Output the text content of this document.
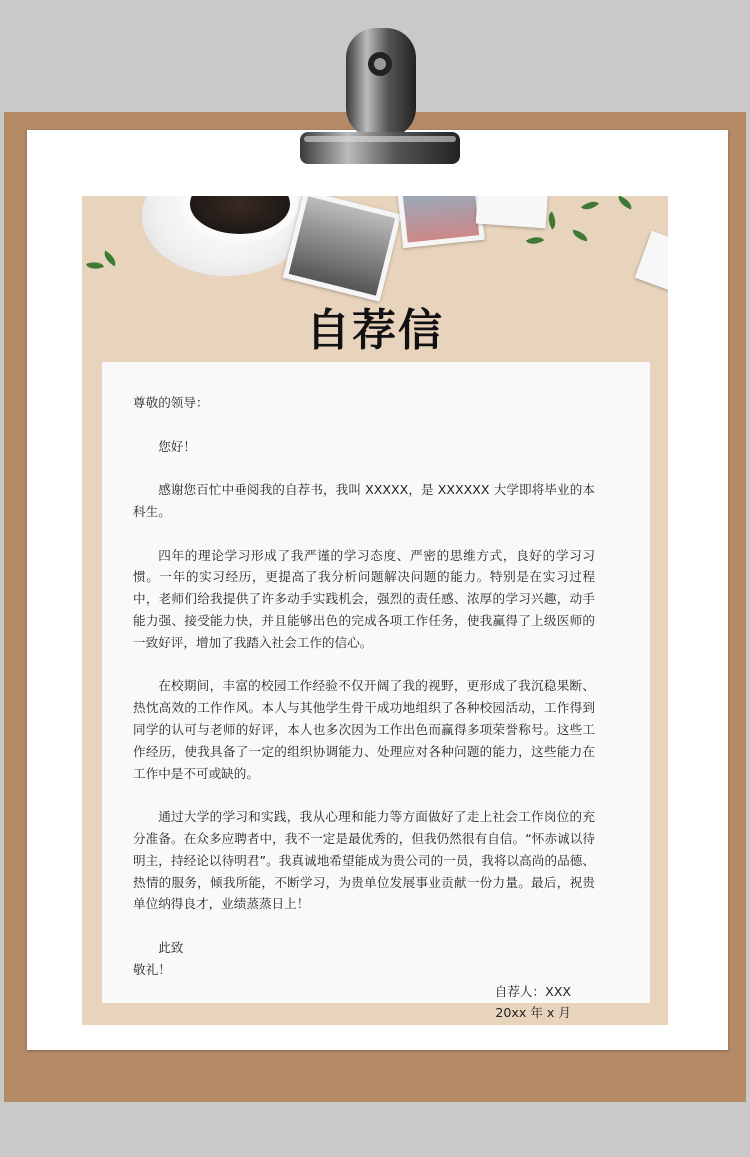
自荐信

尊敬的领导：

您好！

感谢您百忙中垂阅我的自荐书，我叫 XXXXX，是 XXXXXX 大学即将毕业的本科生。

四年的理论学习形成了我严谨的学习态度、严密的思维方式，良好的学习习惯。一年的实习经历，更提高了我分析问题解决问题的能力。特别是在实习过程中，老师们给我提供了许多动手实践机会，强烈的责任感、浓厚的学习兴趣，动手能力强、接受能力快，并且能够出色的完成各项工作任务，使我赢得了上级医师的一致好评，增加了我踏入社会工作的信心。

在校期间，丰富的校园工作经验不仅开阔了我的视野，更形成了我沉稳果断、热忱高效的工作作风。本人与其他学生骨干成功地组织了各种校园活动，工作得到同学的认可与老师的好评，本人也多次因为工作出色而赢得多项荣誉称号。这些工作经历，使我具备了一定的组织协调能力、处理应对各种问题的能力，这些能力在工作中是不可或缺的。

通过大学的学习和实践，我从心理和能力等方面做好了走上社会工作岗位的充分准备。在众多应聘者中，我不一定是最优秀的，但我仍然很有自信。“怀赤诚以待明主，持经论以待明君”。我真诚地希望能成为贵公司的一员，我将以高尚的品德、热情的服务，倾我所能，不断学习，为贵单位发展事业贡献一份力量。最后，祝贵单位纳得良才，业绩蒸蒸日上！

此致

敬礼！

自荐人：XXX

20xx 年 x 月
